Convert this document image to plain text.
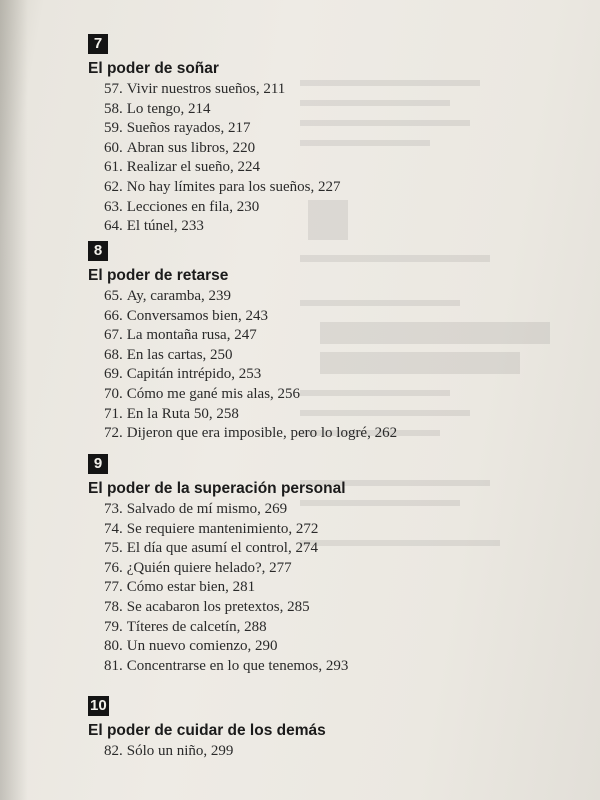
7
El poder de soñar
57. Vivir nuestros sueños, 211
58. Lo tengo, 214
59. Sueños rayados, 217
60. Abran sus libros, 220
61. Realizar el sueño, 224
62. No hay límites para los sueños, 227
63. Lecciones en fila, 230
64. El túnel, 233
8
El poder de retarse
65. Ay, caramba, 239
66. Conversamos bien, 243
67. La montaña rusa, 247
68. En las cartas, 250
69. Capitán intrépido, 253
70. Cómo me gané mis alas, 256
71. En la Ruta 50, 258
72. Dijeron que era imposible, pero lo logré, 262
9
El poder de la superación personal
73. Salvado de mí mismo, 269
74. Se requiere mantenimiento, 272
75. El día que asumí el control, 274
76. ¿Quién quiere helado?, 277
77. Cómo estar bien, 281
78. Se acabaron los pretextos, 285
79. Títeres de calcetín, 288
80. Un nuevo comienzo, 290
81. Concentrarse en lo que tenemos, 293
10
El poder de cuidar de los demás
82. Sólo un niño, 299
